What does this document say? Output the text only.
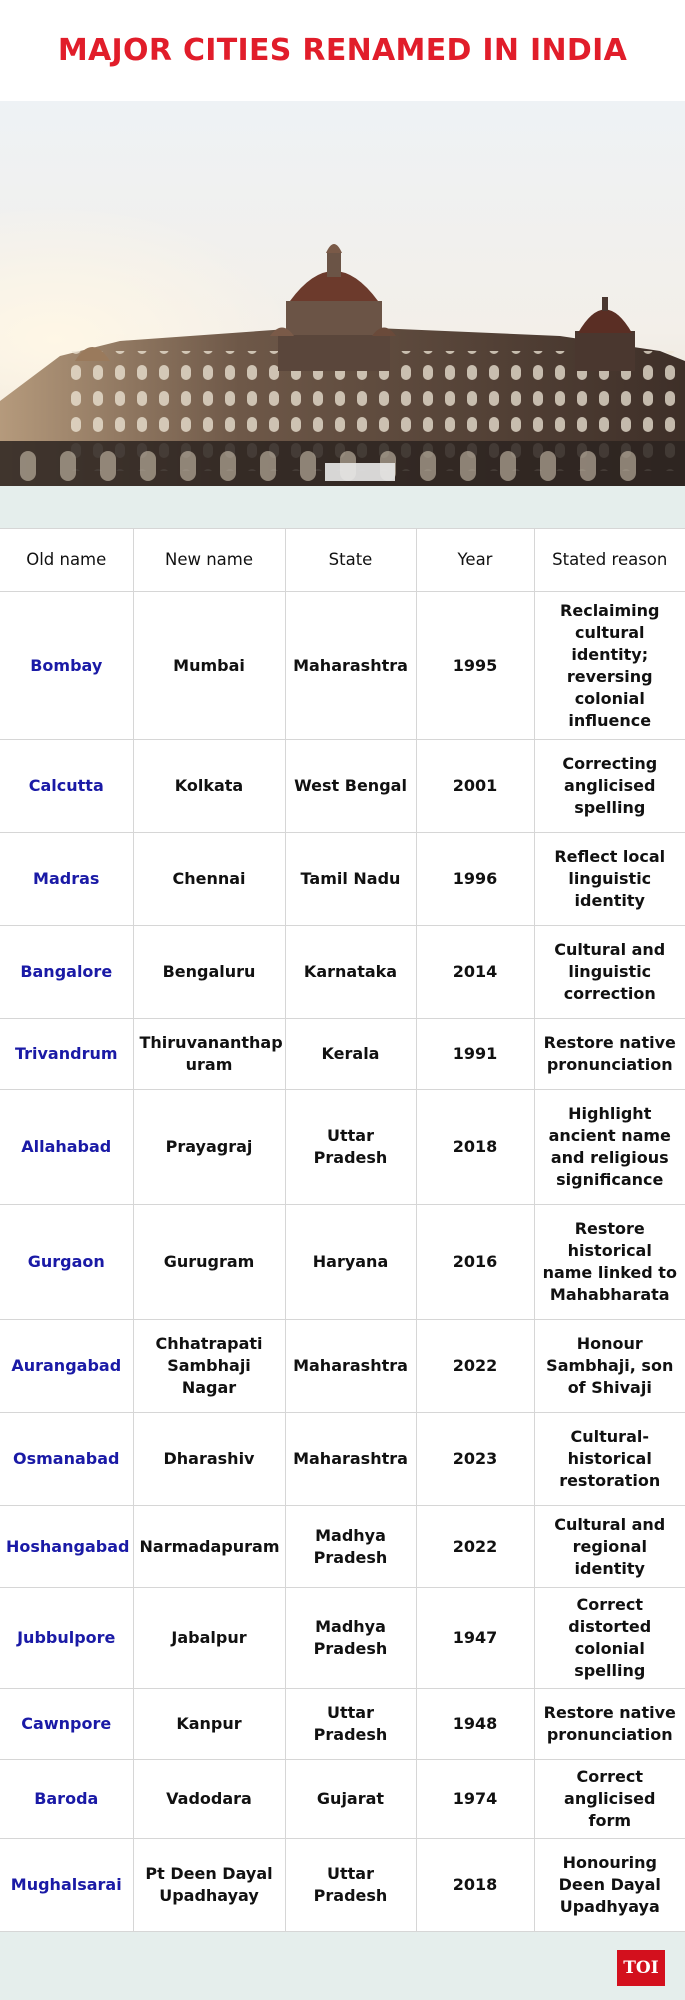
MAJOR CITIES RENAMED IN INDIA
Old name	New name	State	Year	Stated reason
Bombay	Mumbai	Maharashtra	1995	Reclaiming cultural identity; reversing colonial influence
Calcutta	Kolkata	West Bengal	2001	Correcting anglicised spelling
Madras	Chennai	Tamil Nadu	1996	Reflect local linguistic identity
Bangalore	Bengaluru	Karnataka	2014	Cultural and linguistic correction
Trivandrum	Thiruvananthap uram	Kerala	1991	Restore native pronunciation
Allahabad	Prayagraj	Uttar Pradesh	2018	Highlight ancient name and religious significance
Gurgaon	Gurugram	Haryana	2016	Restore historical name linked to Mahabharata
Aurangabad	Chhatrapati Sambhaji Nagar	Maharashtra	2022	Honour Sambhaji, son of Shivaji
Osmanabad	Dharashiv	Maharashtra	2023	Cultural-historical restoration
Hoshangabad	Narmadapuram	Madhya Pradesh	2022	Cultural and regional identity
Jubbulpore	Jabalpur	Madhya Pradesh	1947	Correct distorted colonial spelling
Cawnpore	Kanpur	Uttar Pradesh	1948	Restore native pronunciation
Baroda	Vadodara	Gujarat	1974	Correct anglicised form
Mughalsarai	Pt Deen Dayal Upadhayay	Uttar Pradesh	2018	Honouring Deen Dayal Upadhyaya
TOI
